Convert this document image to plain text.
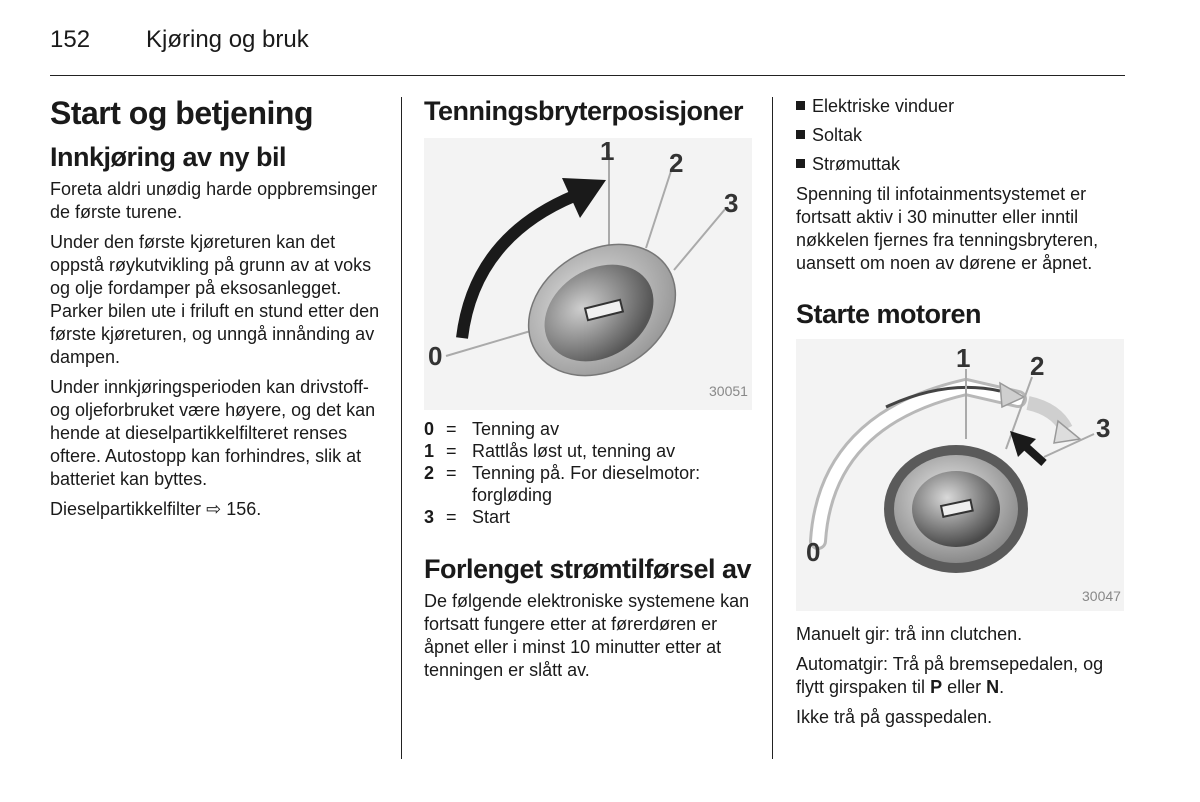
152 Kjøring og bruk
Start og betjening
Innkjøring av ny bil

Foreta aldri unødig harde oppbremsinger de første turene.

Under den første kjøreturen kan det oppstå røykutvikling på grunn av at voks og olje fordamper på eksosanlegget. Parker bilen ute i friluft en stund etter den første kjøreturen, og unngå innånding av dampen.

Under innkjøringsperioden kan drivstoff- og oljeforbruket være høyere, og det kan hende at dieselpartikkelfilteret renses oftere. Autostopp kan forhindres, slik at batteriet kan byttes.

Dieselpartikkelfilter ⇨ 156.

Tenningsbryterposisjoner
1 2
3
0
30051
0 = Tenning av
1 = Rattlås løst ut, tenning av
2 = Tenning på. For dieselmotor: forgløding
3 = Start
Forlenget strømtilførsel av

De følgende elektroniske systemene kan fortsatt fungere etter at førerdøren er åpnet eller i minst 10 minutter etter at tenningen er slått av.

Elektriske vinduer
Soltak
Strømuttak

Spenning til infotainmentsystemet er fortsatt aktiv i 30 minutter eller inntil nøkkelen fjernes fra tenningsbryteren, uansett om noen av dørene er åpnet.

Starte motoren
1 2
3
0
30047

Manuelt gir: trå inn clutchen.

Automatgir: Trå på bremsepedalen, og flytt girspaken til P eller N.

Ikke trå på gasspedalen.
